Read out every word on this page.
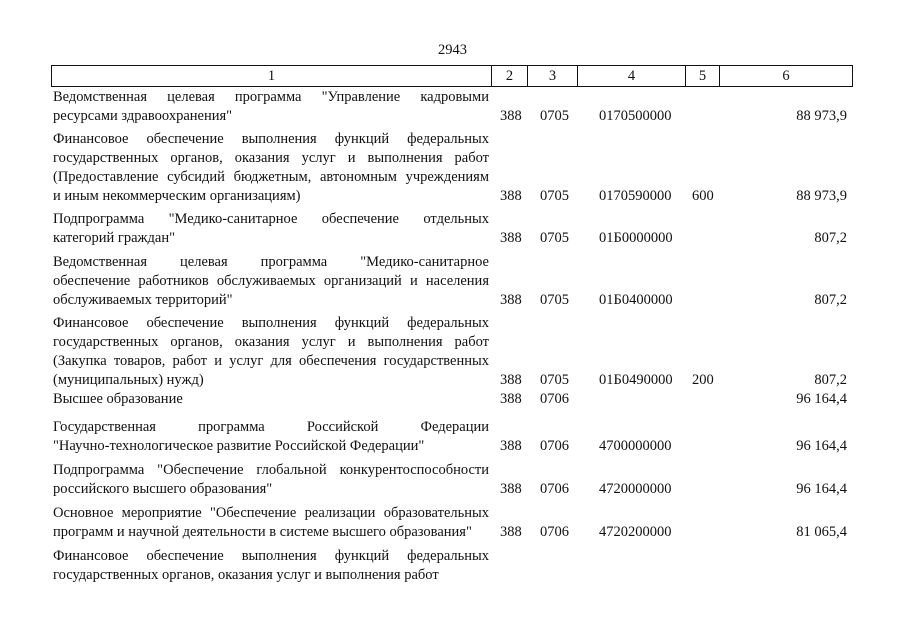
2943
1	2	3	4	5	6
Ведомственная целевая программа "Управление кадровыми
ресурсами здравоохранения"	388 0705 0170500000	88 973,9
Финансовое обеспечение выполнения функций федеральных
государственных органов, оказания услуг и выполнения работ
(Предоставление субсидий бюджетным, автономным учреждениям
и иным некоммерческим организациям)	388 0705 0170590000 600	88 973,9
Подпрограмма "Медико-санитарное обеспечение отдельных
категорий граждан"	388 0705 01Б0000000	807,2
Ведомственная целевая программа "Медико-санитарное
обеспечение работников обслуживаемых организаций и населения
обслуживаемых территорий"	388 0705 01Б0400000	807,2
Финансовое обеспечение выполнения функций федеральных
государственных органов, оказания услуг и выполнения работ
(Закупка товаров, работ и услуг для обеспечения государственных
(муниципальных) нужд)	388 0705 01Б0490000 200	807,2
Высшее образование	388 0706	96 164,4
Государственная программа Российской Федерации
"Научно-технологическое развитие Российской Федерации"	388 0706 4700000000	96 164,4
Подпрограмма "Обеспечение глобальной конкурентоспособности
российского высшего образования"	388 0706 4720000000	96 164,4
Основное мероприятие "Обеспечение реализации образовательных
программ и научной деятельности в системе высшего образования"	388 0706 4720200000	81 065,4
Финансовое обеспечение выполнения функций федеральных
государственных органов, оказания услуг и выполнения работ
